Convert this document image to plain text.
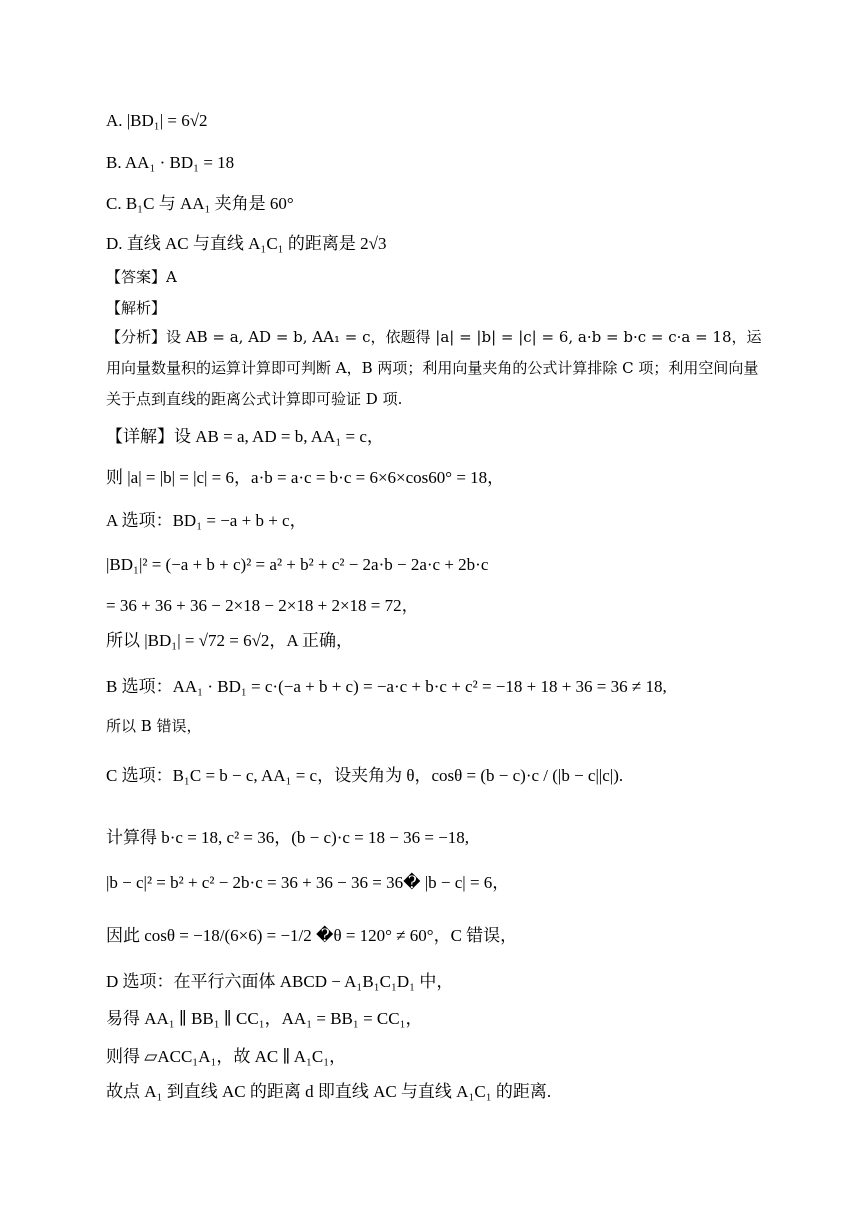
A. |BD₁| = 6√2
B. AA₁ · BD₁ = 18
C. B₁C 与 AA₁ 夹角是 60°
D. 直线 AC 与直线 A₁C₁ 的距离是 2√3
【答案】A
【解析】
【分析】设 AB = a, AD = b, AA₁ = c，依题得 |a| = |b| = |c| = 6, a·b = b·c = c·a = 18，运用向量数量积的运算计算即可判断 A，B 两项；利用向量夹角的公式计算排除 C 项；利用空间向量关于点到直线的距离公式计算即可验证 D 项.
【详解】设 AB = a, AD = b, AA₁ = c，
则 |a| = |b| = |c| = 6，a·b = a·c = b·c = 6×6×cos60° = 18，
A 选项：BD₁ = −a + b + c，
|BD₁|² = (−a + b + c)² = a² + b² + c² − 2a·b − 2a·c + 2b·c
= 36 + 36 + 36 − 2×18 − 2×18 + 2×18 = 72，
所以 |BD₁| = √72 = 6√2，A 正确，
B 选项：AA₁ · BD₁ = c·(−a + b + c) = −a·c + b·c + c² = −18 + 18 + 36 = 36 ≠ 18,
所以 B 错误，
C 选项：B₁C = b − c, AA₁ = c，设夹角为 θ，cosθ = (b − c)·c / (|b − c||c|).
计算得 b·c = 18, c² = 36，(b − c)·c = 18 − 36 = −18,
|b − c|² = b² + c² − 2b·c = 36 + 36 − 36 = 36� |b − c| = 6，
因此 cosθ = −18/(6×6) = −1/2 �θ = 120° ≠ 60°，C 错误，
D 选项：在平行六面体 ABCD − A₁B₁C₁D₁ 中，
易得 AA₁ ∥ BB₁ ∥ CC₁，AA₁ = BB₁ = CC₁，
则得 ▱ACC₁A₁，故 AC ∥ A₁C₁，
故点 A₁ 到直线 AC 的距离 d 即直线 AC 与直线 A₁C₁ 的距离.
